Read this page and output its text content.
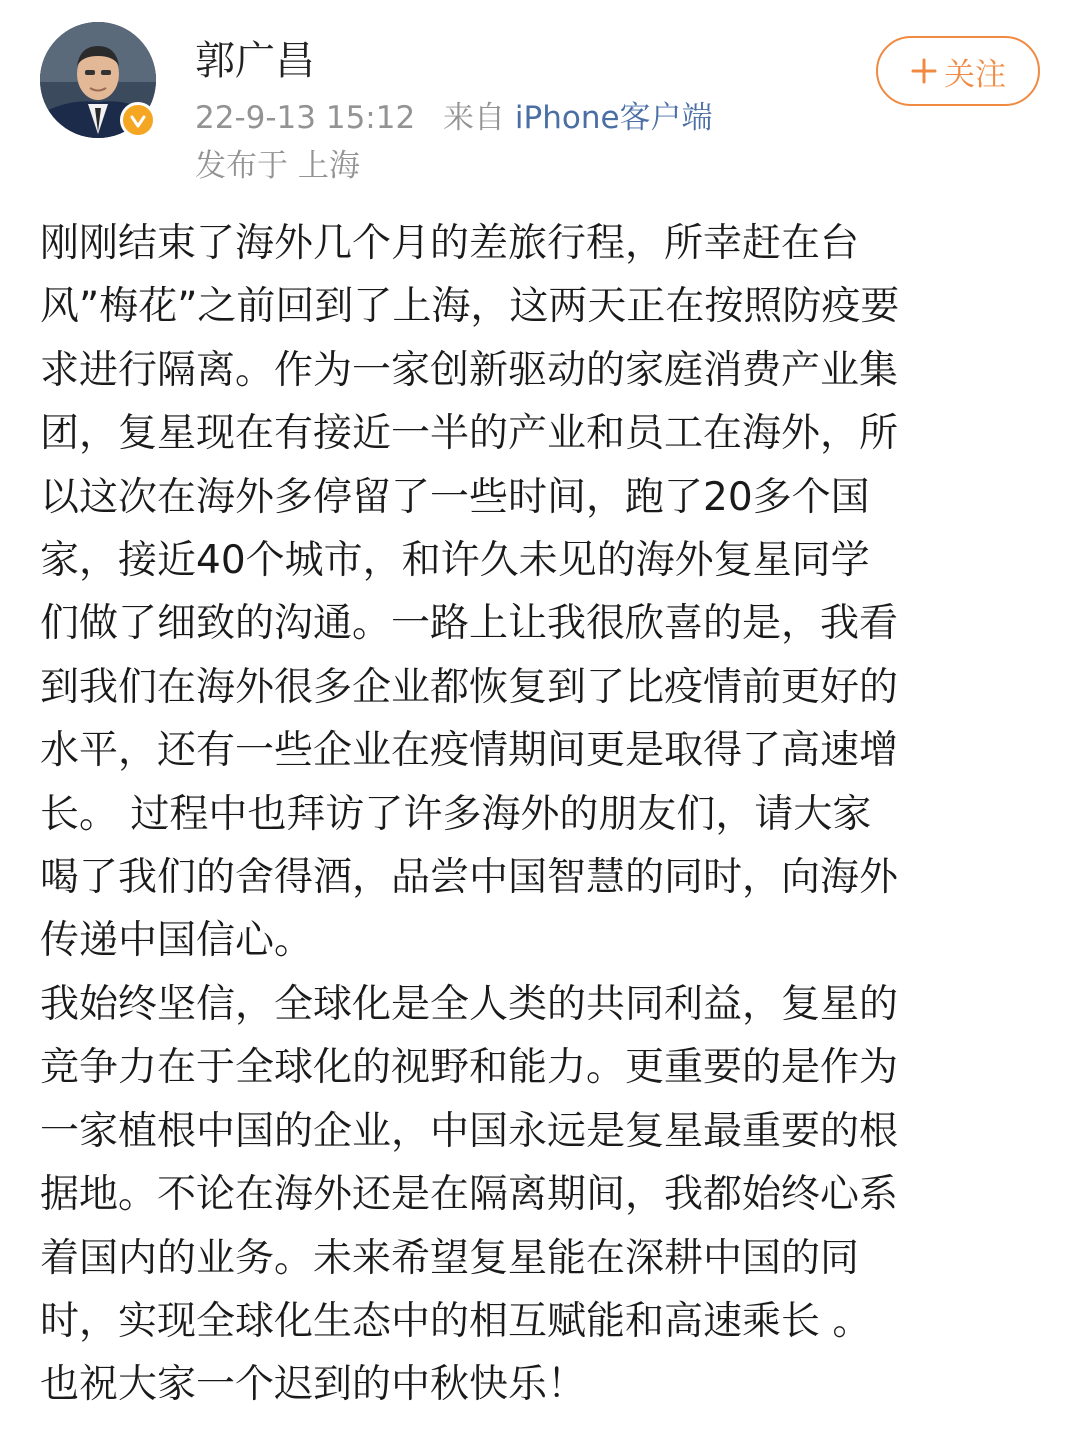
郭广昌
22-9-13 15:12 来自 iPhone客户端
发布于 上海
关注

刚刚结束了海外几个月的差旅行程，所幸赶在台

风”梅花”之前回到了上海，这两天正在按照防疫要

求进行隔离。作为一家创新驱动的家庭消费产业集

团，复星现在有接近一半的产业和员工在海外，所

以这次在海外多停留了一些时间，跑了20多个国

家，接近40个城市，和许久未见的海外复星同学

们做了细致的沟通。一路上让我很欣喜的是，我看

到我们在海外很多企业都恢复到了比疫情前更好的

水平，还有一些企业在疫情期间更是取得了高速增

长。 过程中也拜访了许多海外的朋友们，请大家

喝了我们的舍得酒，品尝中国智慧的同时，向海外

传递中国信心。

我始终坚信，全球化是全人类的共同利益，复星的

竞争力在于全球化的视野和能力。更重要的是作为

一家植根中国的企业，中国永远是复星最重要的根

据地。不论在海外还是在隔离期间，我都始终心系

着国内的业务。未来希望复星能在深耕中国的同

时，实现全球化生态中的相互赋能和高速乘长 。

也祝大家一个迟到的中秋快乐！
